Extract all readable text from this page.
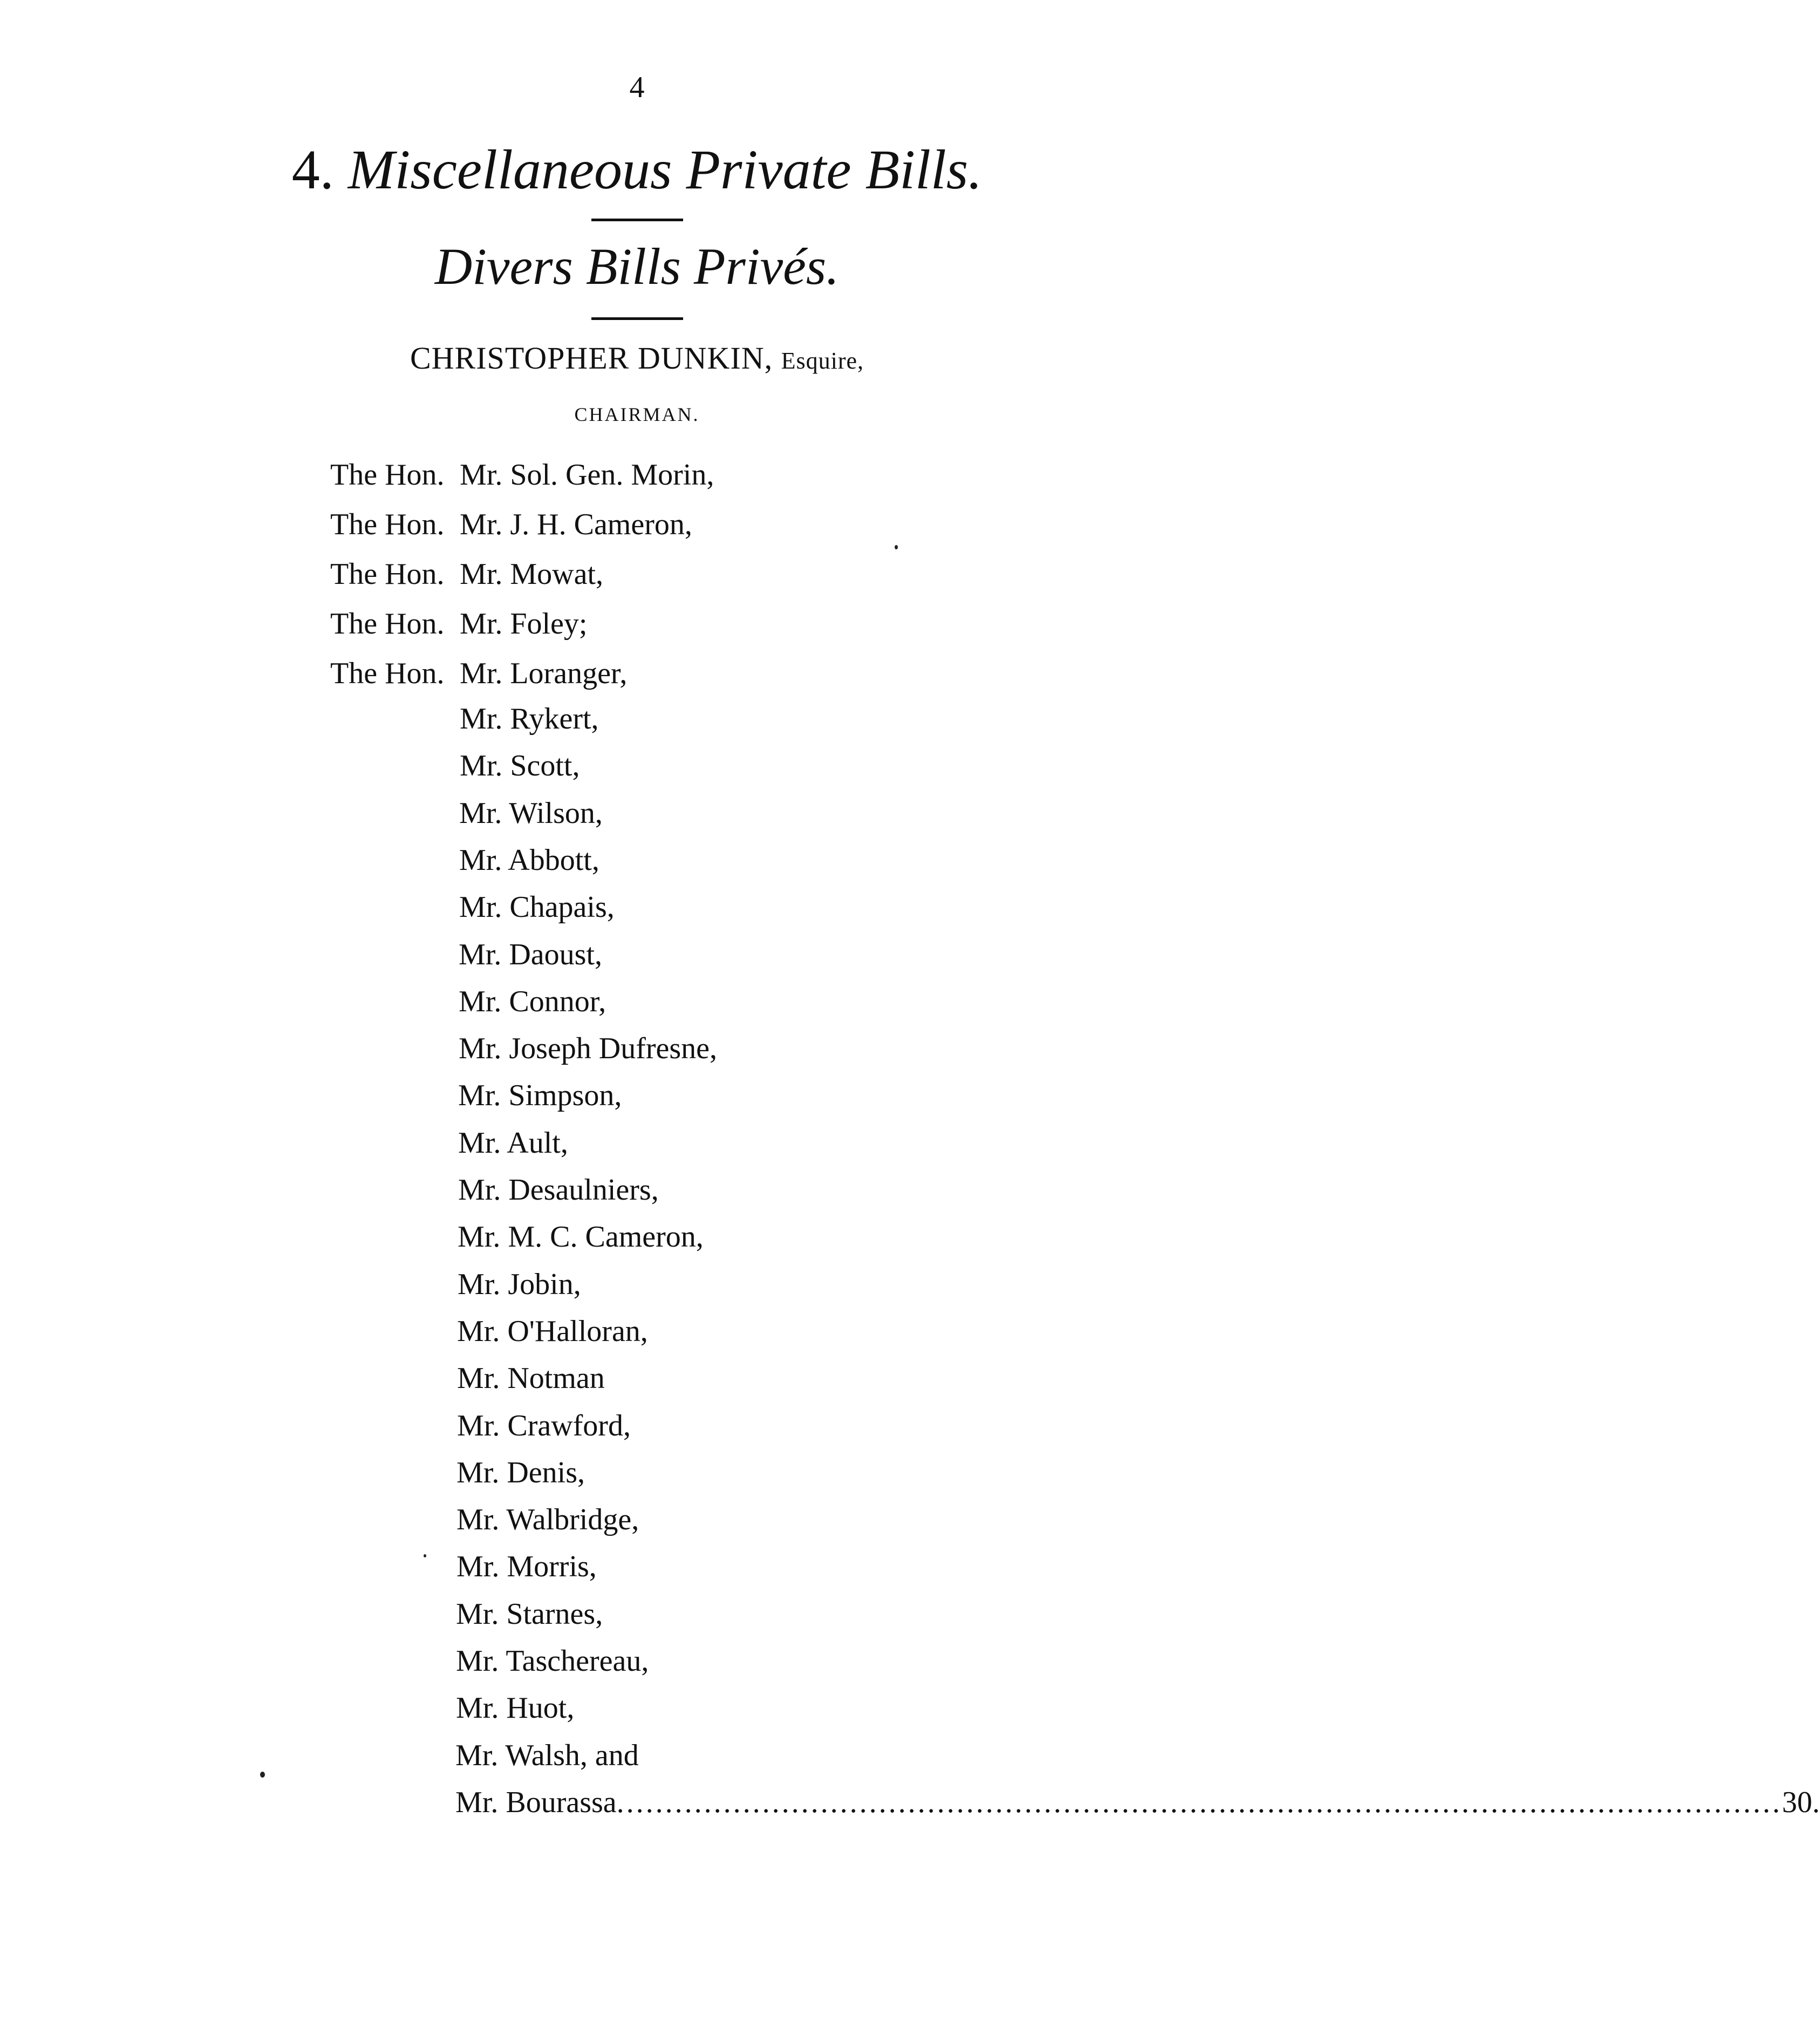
4
4. Miscellaneous Private Bills.
Divers Bills Privés.
CHRISTOPHER DUNKIN, Esquire,
CHAIRMAN.
The Hon. Mr. Sol. Gen. Morin,
The Hon. Mr. J. H. Cameron,
The Hon. Mr. Mowat,
The Hon. Mr. Foley;
The Hon. Mr. Loranger,
Mr. Rykert,
Mr. Scott,
Mr. Wilson,
Mr. Abbott,
Mr. Chapais,
Mr. Daoust,
Mr. Connor,
Mr. Joseph Dufresne,
Mr. Simpson,
Mr. Ault,
Mr. Desaulniers,
Mr. M. C. Cameron,
Mr. Jobin,
Mr. O'Halloran,
Mr. Notman
Mr. Crawford,
Mr. Denis,
Mr. Walbridge,
Mr. Morris,
Mr. Starnes,
Mr. Taschereau,
Mr. Huot,
Mr. Walsh, and
Mr. Bourassa ........................................................................................................................ 30.
